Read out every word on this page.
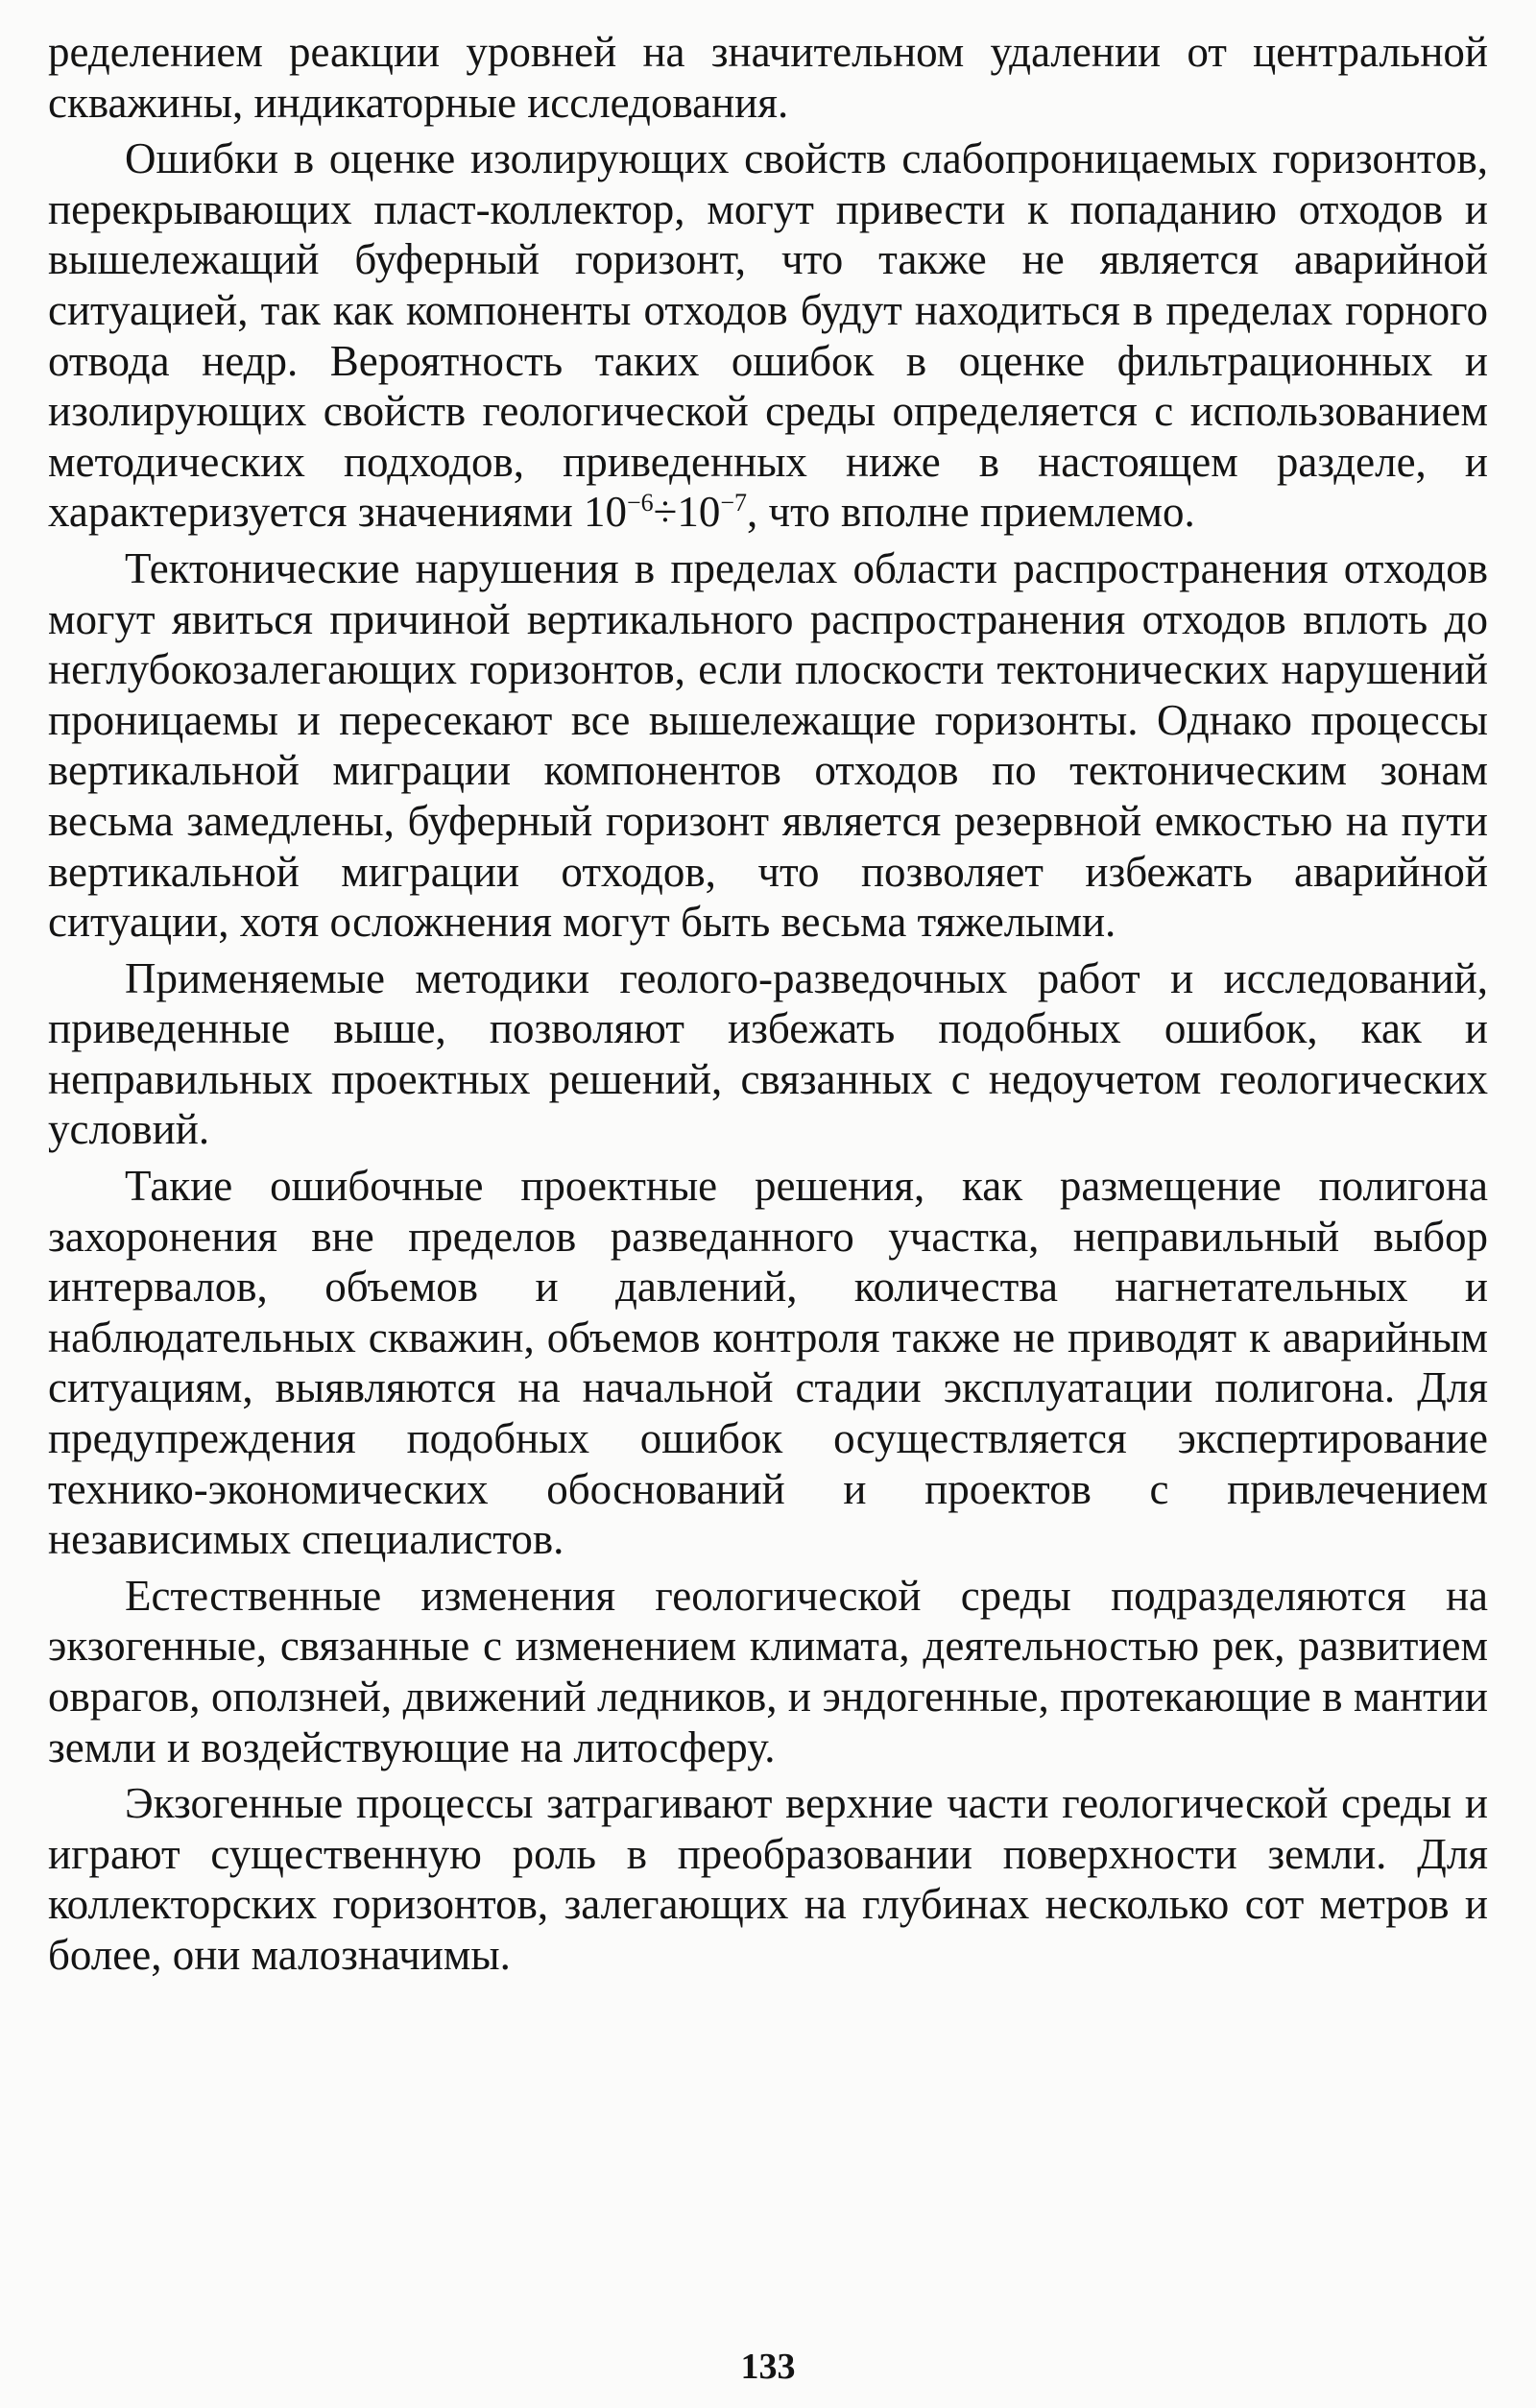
ределением реакции уровней на значительном удалении от центральной скважины, индикаторные исследования.

Ошибки в оценке изолирующих свойств слабопроницаемых горизонтов, перекрывающих пласт-коллектор, могут привести к попаданию отходов и вышележащий буферный горизонт, что также не является аварийной ситуацией, так как компоненты отходов будут находиться в пределах горного отвода недр. Вероятность таких ошибок в оценке фильтрационных и изолирующих свойств геологической среды определяется с использованием методических подходов, приведенных ниже в настоящем разделе, и характеризуется значениями $10^{-6}\div 10^{-7}$, что вполне приемлемо.

Тектонические нарушения в пределах области распространения отходов могут явиться причиной вертикального распространения отходов вплоть до неглубокозалегающих горизонтов, если плоскости тектонических нарушений проницаемы и пересекают все вышележащие горизонты. Однако процессы вертикальной миграции компонентов отходов по тектоническим зонам весьма замедлены, буферный горизонт является резервной емкостью на пути вертикальной миграции отходов, что позволяет избежать аварийной ситуации, хотя осложнения могут быть весьма тяжелыми.

Применяемые методики геолого-разведочных работ и исследований, приведенные выше, позволяют избежать подобных ошибок, как и неправильных проектных решений, связанных с недоучетом геологических условий.

Такие ошибочные проектные решения, как размещение полигона захоронения вне пределов разведанного участка, неправильный выбор интервалов, объемов и давлений, количества нагнетательных и наблюдательных скважин, объемов контроля также не приводят к аварийным ситуациям, выявляются на начальной стадии эксплуатации полигона. Для предупреждения подобных ошибок осуществляется экспертирование технико-экономических обоснований и проектов с привлечением независимых специалистов.

Естественные изменения геологической среды подразделяются на экзогенные, связанные с изменением климата, деятельностью рек, развитием оврагов, оползней, движений ледников, и эндогенные, протекающие в мантии земли и воздействующие на литосферу.

Экзогенные процессы затрагивают верхние части геологической среды и играют существенную роль в преобразовании поверхности земли. Для коллекторских горизонтов, залегающих на глубинах несколько сот метров и более, они малозначимы.

133
